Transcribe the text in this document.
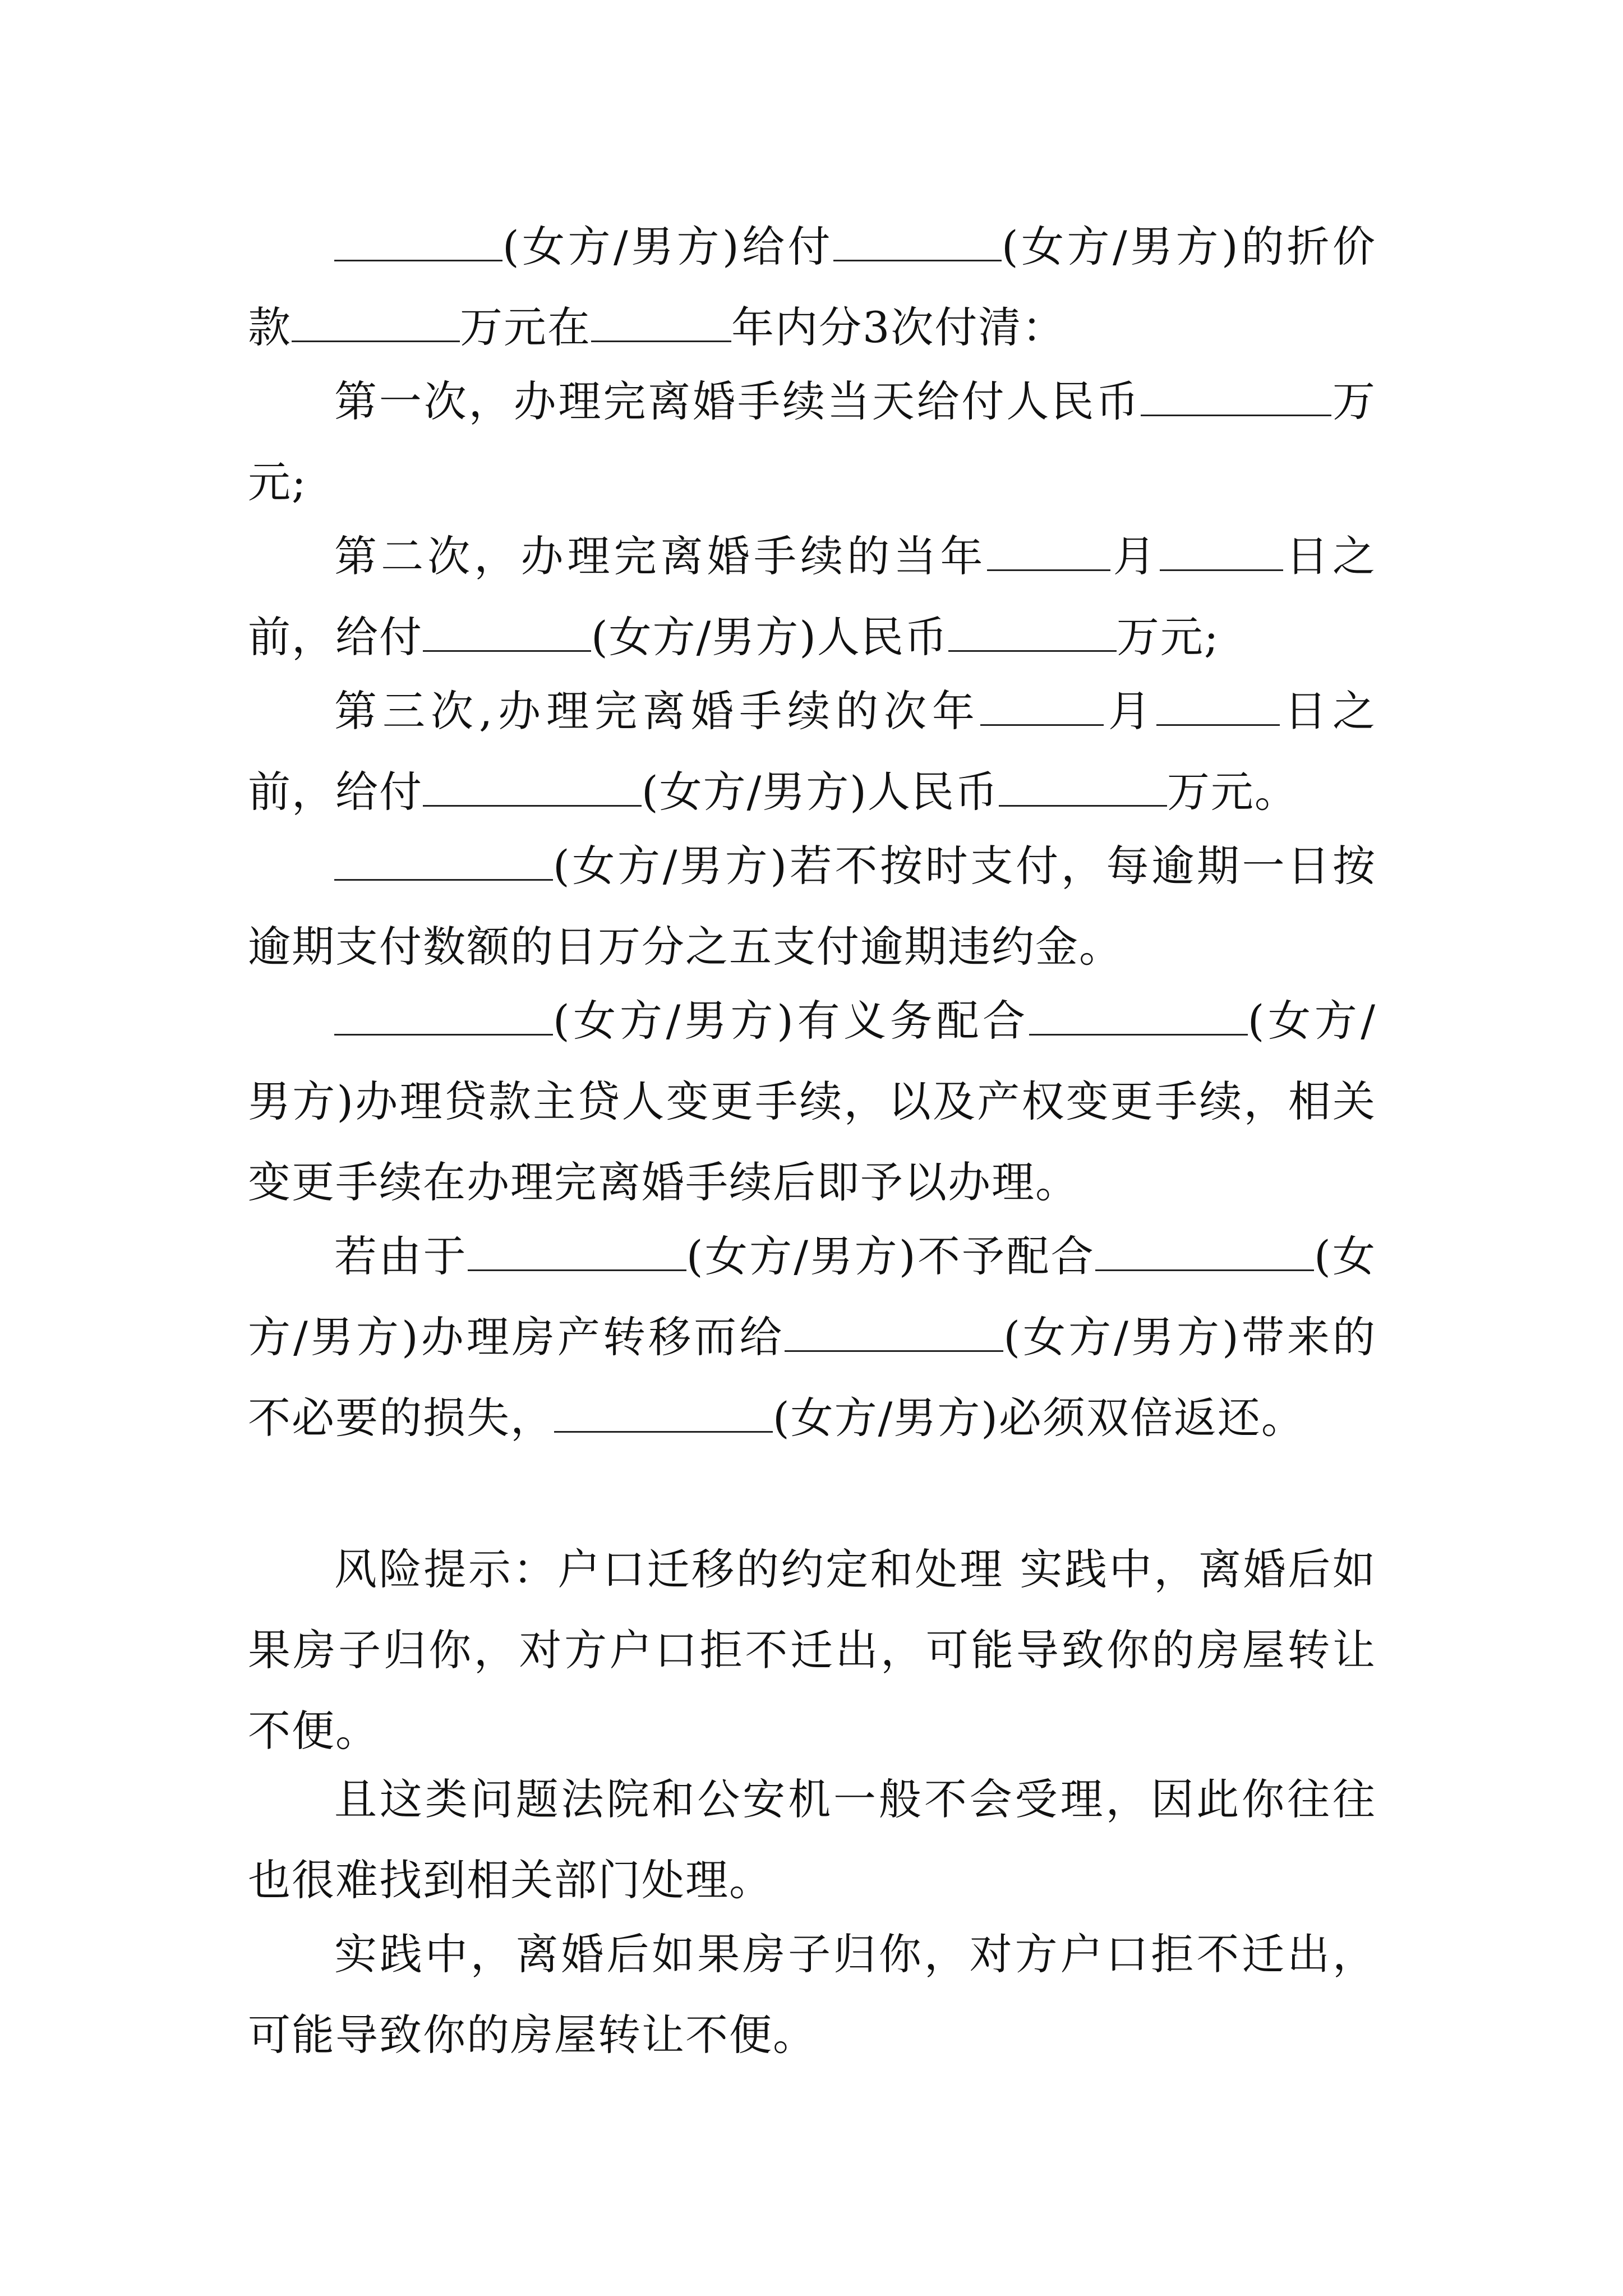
(女方/男方)给付	(女方/男方)的折价款	万元在	年内分3次付清：

第一次，办理完离婚手续当天给付人民币	万元;

第二次，办理完离婚手续的当年	月	日之前，给付	(女方/男方)人民币	万元;

第三次,办理完离婚手续的次年	月	日之前，给付	(女方/男方)人民币	万元。

(女方/男方)若不按时支付，每逾期一日按逾期支付数额的日万分之五支付逾期违约金。

(女方/男方)有义务配合	(女方/男方)办理贷款主贷人变更手续，以及产权变更手续，相关变更手续在办理完离婚手续后即予以办理。

若由于	(女方/男方)不予配合	(女方/男方)办理房产转移而给	(女方/男方)带来的不必要的损失，	(女方/男方)必须双倍返还。

风险提示：户口迁移的约定和处理 实践中，离婚后如果房子归你，对方户口拒不迁出，可能导致你的房屋转让不便。

且这类问题法院和公安机一般不会受理，因此你往往也很难找到相关部门处理。

实践中，离婚后如果房子归你，对方户口拒不迁出，可能导致你的房屋转让不便。
